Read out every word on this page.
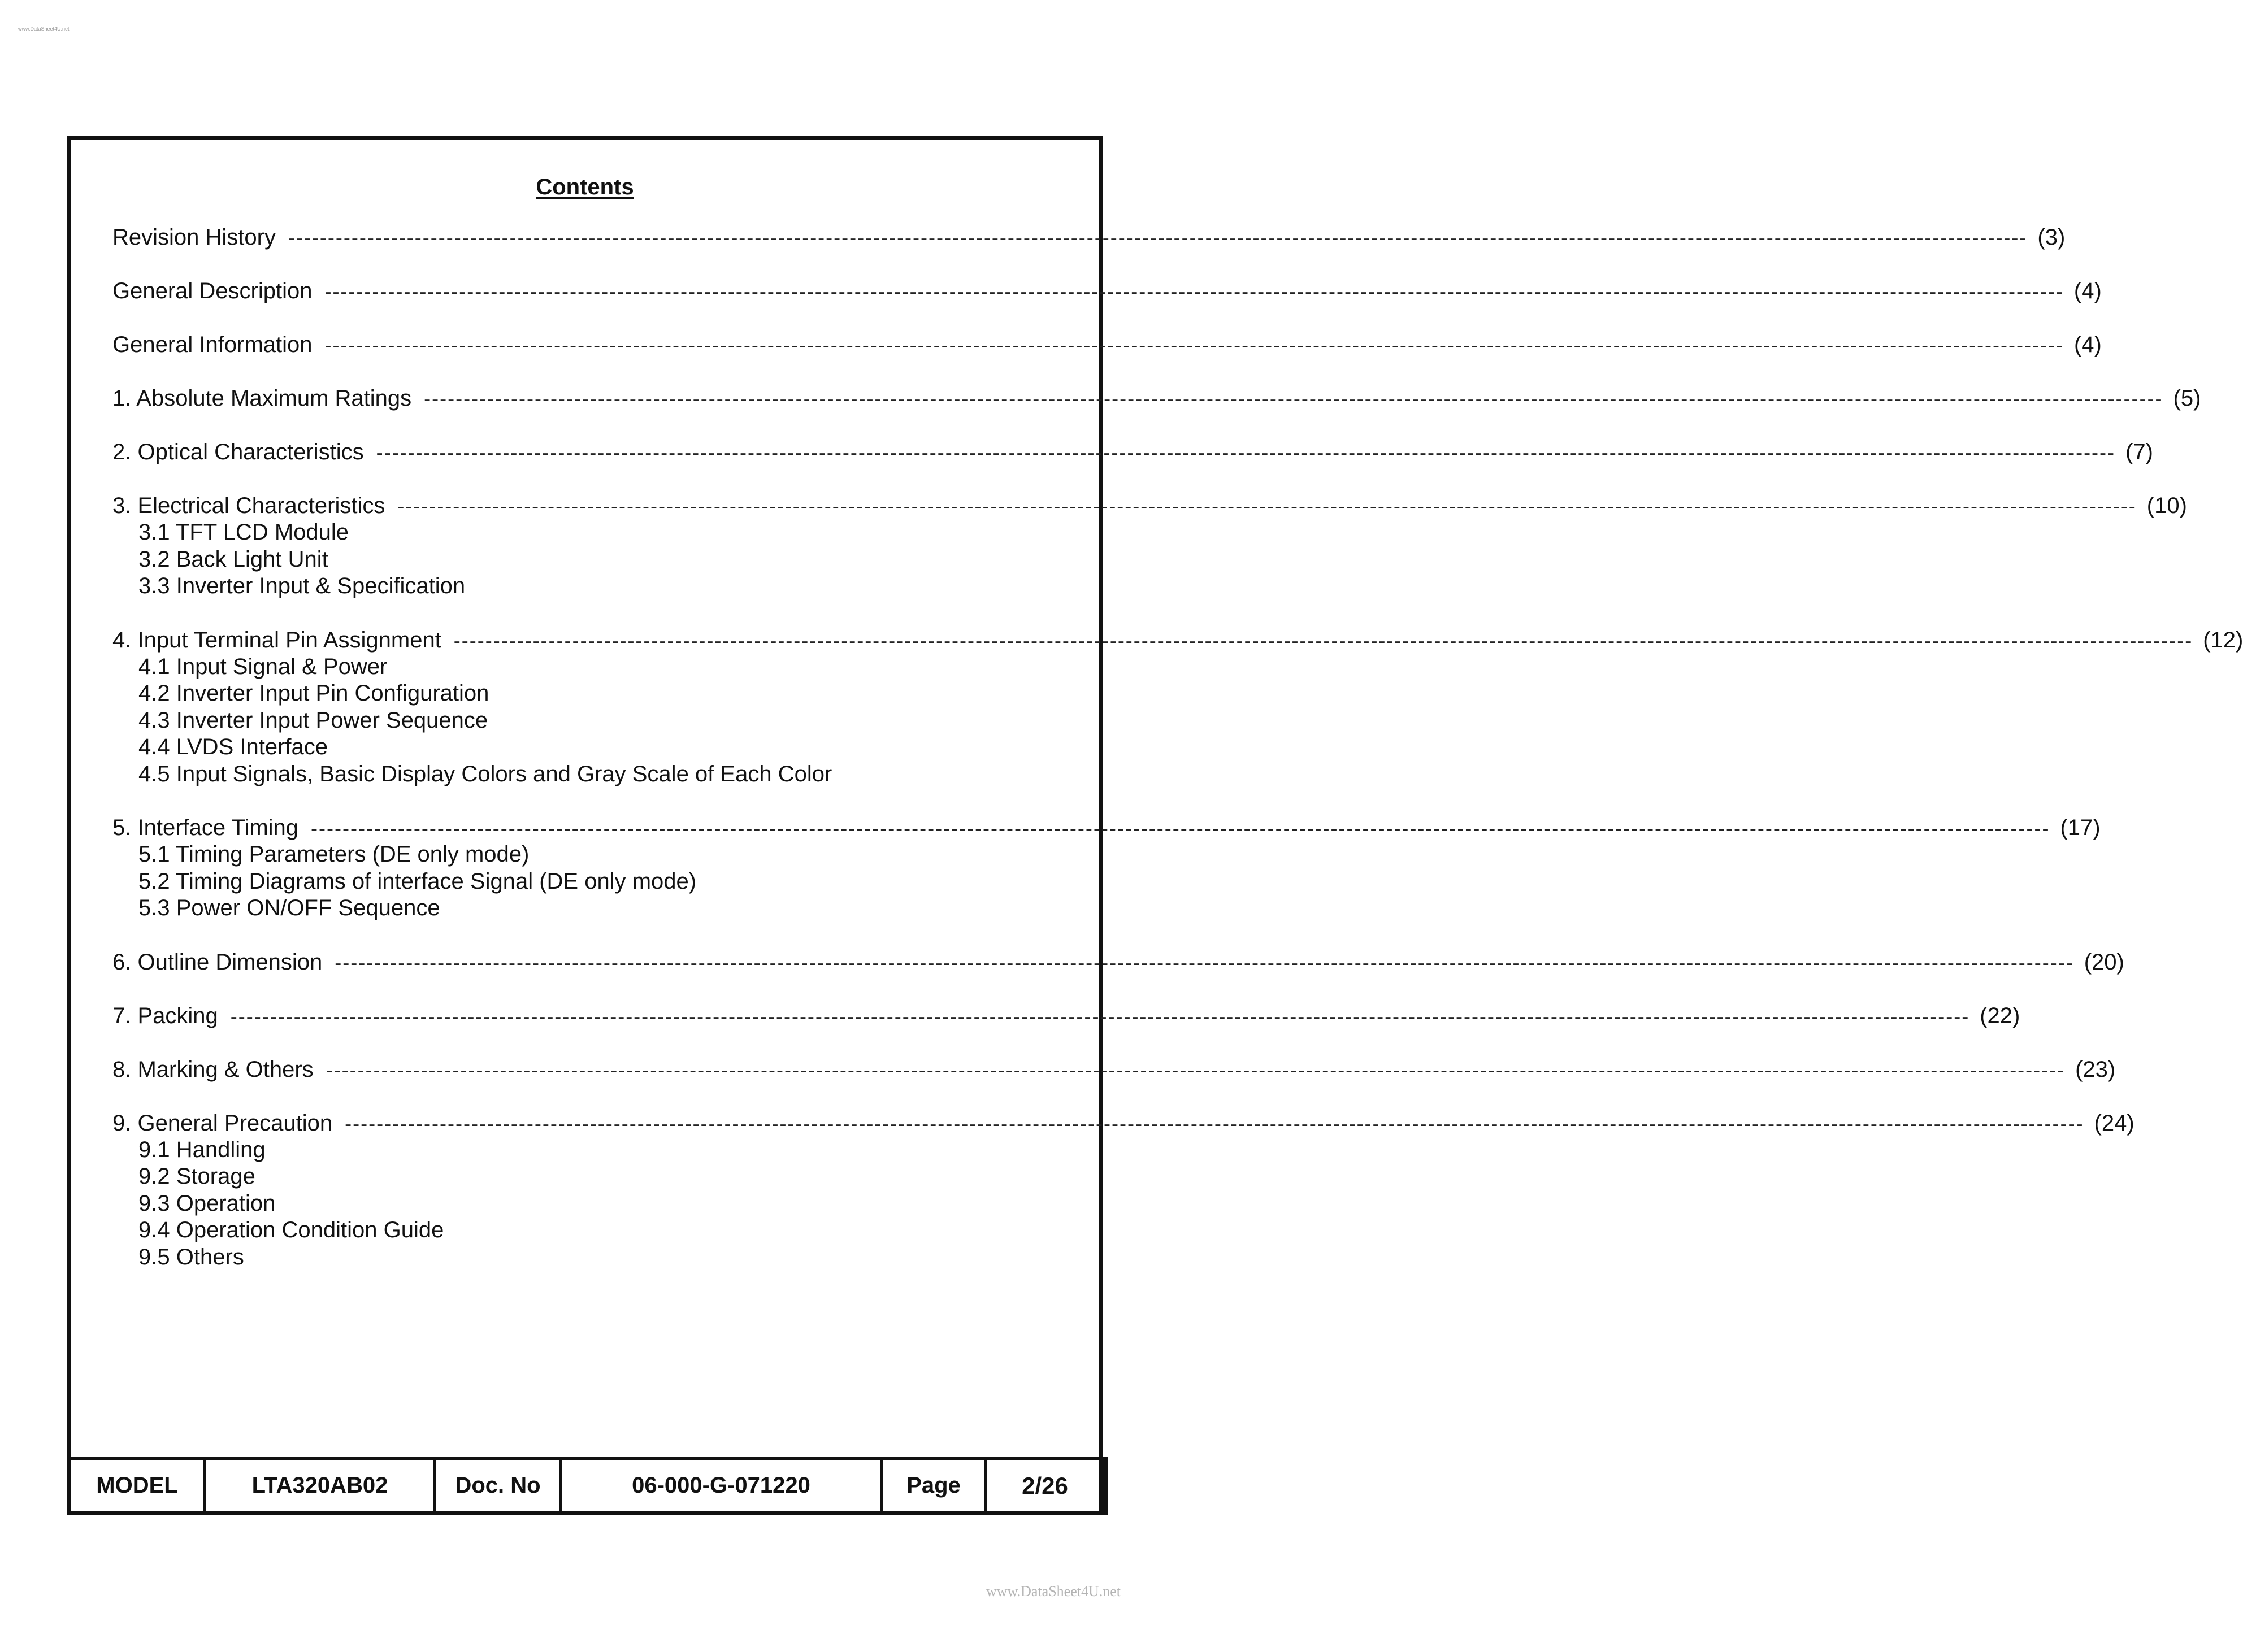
www.DataSheet4U.net
Contents
Revision History ---------------------------------------------------------------------------------------------------------------------------------------------------------------------------------------------------------------------------- (3)
General Description ---------------------------------------------------------------------------------------------------------------------------------------------------------------------------------------------------------------------------- (4)
General Information ---------------------------------------------------------------------------------------------------------------------------------------------------------------------------------------------------------------------------- (4)
1. Absolute Maximum Ratings ---------------------------------------------------------------------------------------------------------------------------------------------------------------------------------------------------------------------------- (5)
2. Optical Characteristics ---------------------------------------------------------------------------------------------------------------------------------------------------------------------------------------------------------------------------- (7)
3. Electrical Characteristics ---------------------------------------------------------------------------------------------------------------------------------------------------------------------------------------------------------------------------- (10)
3.1 TFT LCD Module
3.2 Back Light Unit
3.3 Inverter Input & Specification
4. Input Terminal Pin Assignment ---------------------------------------------------------------------------------------------------------------------------------------------------------------------------------------------------------------------------- (12)
4.1 Input Signal & Power
4.2 Inverter Input Pin Configuration
4.3 Inverter Input Power Sequence
4.4 LVDS Interface
4.5 Input Signals, Basic Display Colors and Gray Scale of Each Color
5. Interface Timing ---------------------------------------------------------------------------------------------------------------------------------------------------------------------------------------------------------------------------- (17)
5.1 Timing Parameters (DE only mode)
5.2 Timing Diagrams of interface Signal (DE only mode)
5.3 Power ON/OFF Sequence
6. Outline Dimension ---------------------------------------------------------------------------------------------------------------------------------------------------------------------------------------------------------------------------- (20)
7. Packing ---------------------------------------------------------------------------------------------------------------------------------------------------------------------------------------------------------------------------- (22)
8. Marking & Others ---------------------------------------------------------------------------------------------------------------------------------------------------------------------------------------------------------------------------- (23)
9. General Precaution ---------------------------------------------------------------------------------------------------------------------------------------------------------------------------------------------------------------------------- (24)
9.1 Handling
9.2 Storage
9.3 Operation
9.4 Operation Condition Guide
9.5 Others
MODEL	LTA320AB02	Doc. No	06-000-G-071220	Page	2/26
www.DataSheet4U.net
